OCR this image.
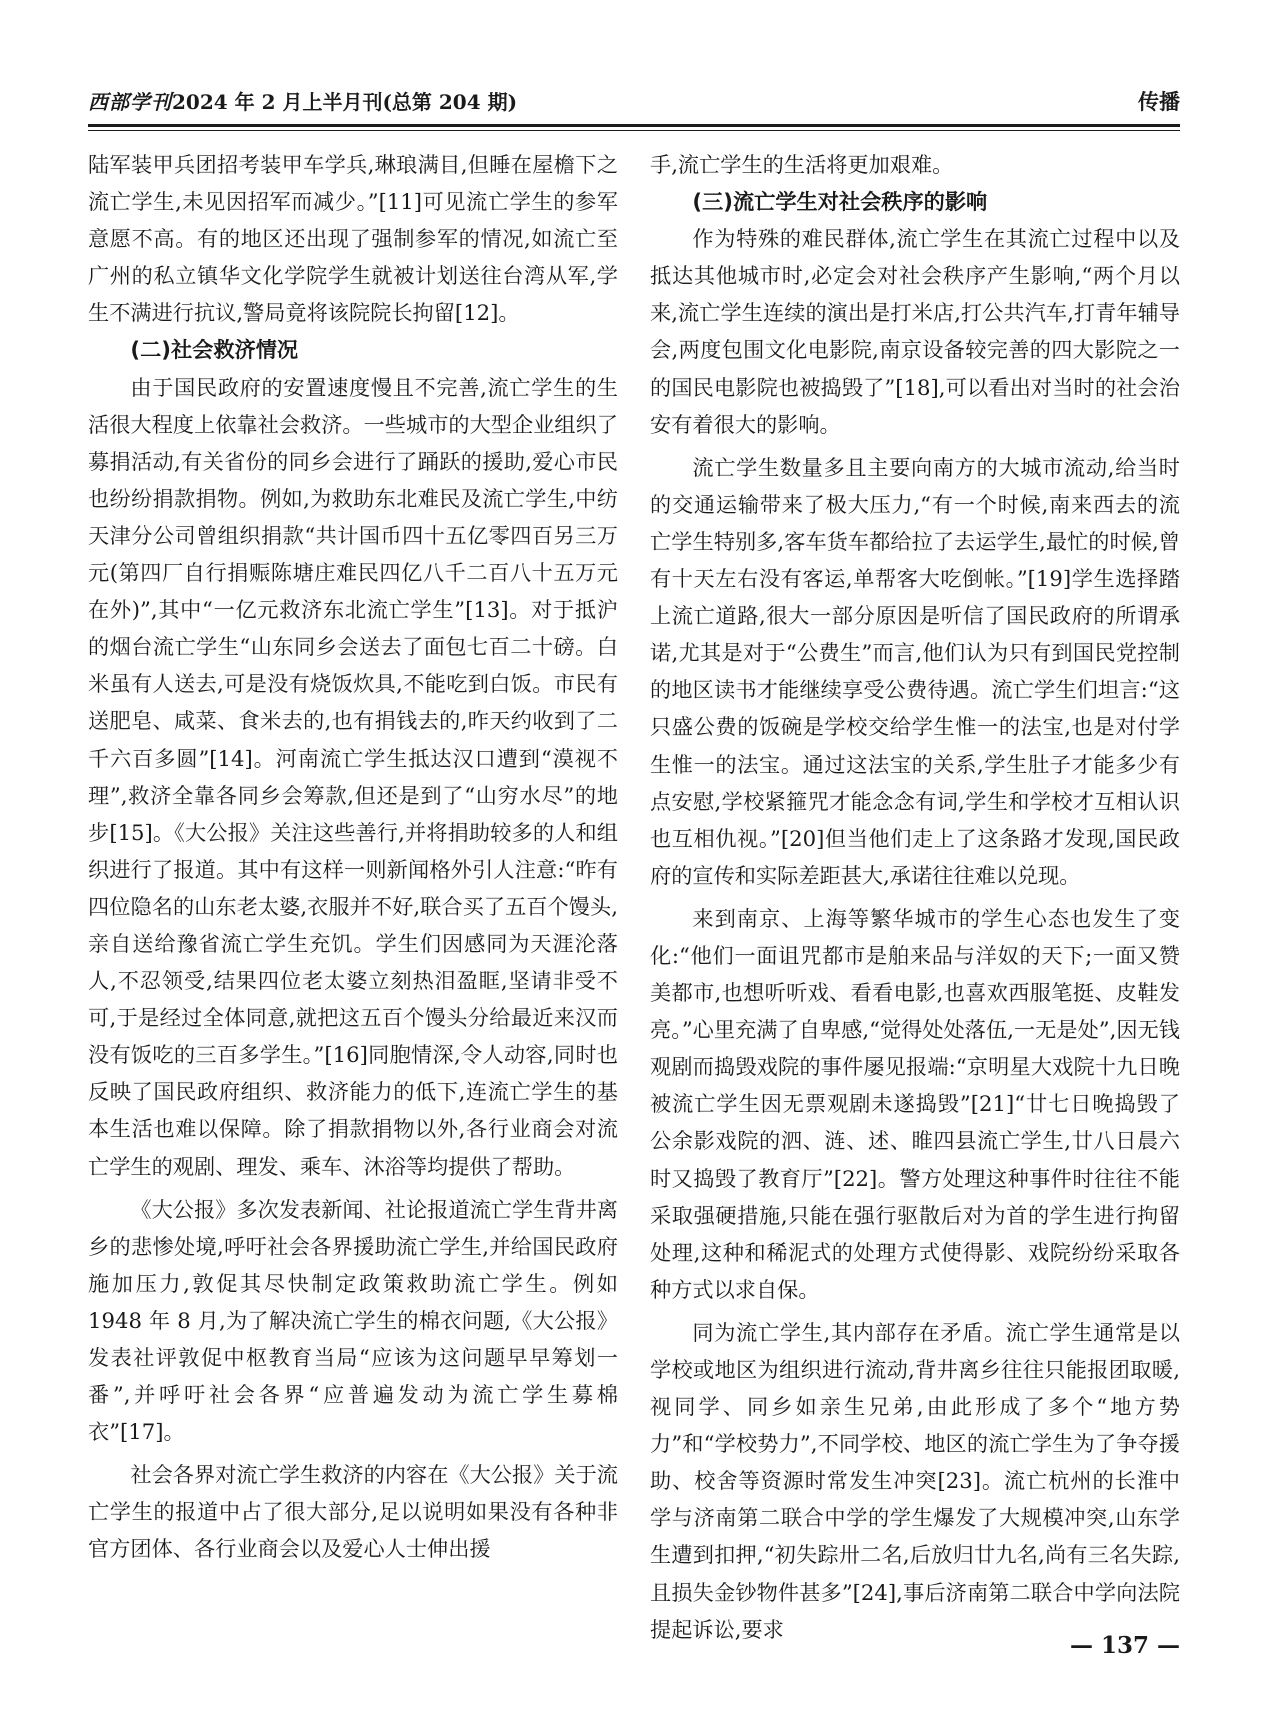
西部学刊2024 年 2 月上半月刊(总第 204 期)	传播

陆军装甲兵团招考装甲车学兵,琳琅满目,但睡在屋檐下之流亡学生,未见因招军而减少。”[11]可见流亡学生的参军意愿不高。有的地区还出现了强制参军的情况,如流亡至广州的私立镇华文化学院学生就被计划送往台湾从军,学生不满进行抗议,警局竟将该院院长拘留[12]。

(二)社会救济情况

由于国民政府的安置速度慢且不完善,流亡学生的生活很大程度上依靠社会救济。一些城市的大型企业组织了募捐活动,有关省份的同乡会进行了踊跃的援助,爱心市民也纷纷捐款捐物。例如,为救助东北难民及流亡学生,中纺天津分公司曾组织捐款“共计国币四十五亿零四百另三万元(第四厂自行捐赈陈塘庄难民四亿八千二百八十五万元在外)”,其中“一亿元救济东北流亡学生”[13]。对于抵沪的烟台流亡学生“山东同乡会送去了面包七百二十磅。白米虽有人送去,可是没有烧饭炊具,不能吃到白饭。市民有送肥皂、咸菜、食米去的,也有捐钱去的,昨天约收到了二千六百多圆”[14]。河南流亡学生抵达汉口遭到“漠视不理”,救济全靠各同乡会筹款,但还是到了“山穷水尽”的地步[15]。《大公报》关注这些善行,并将捐助较多的人和组织进行了报道。其中有这样一则新闻格外引人注意:“昨有四位隐名的山东老太婆,衣服并不好,联合买了五百个馒头,亲自送给豫省流亡学生充饥。学生们因感同为天涯沦落人,不忍领受,结果四位老太婆立刻热泪盈眶,坚请非受不可,于是经过全体同意,就把这五百个馒头分给最近来汉而没有饭吃的三百多学生。”[16]同胞情深,令人动容,同时也反映了国民政府组织、救济能力的低下,连流亡学生的基本生活也难以保障。除了捐款捐物以外,各行业商会对流亡学生的观剧、理发、乘车、沐浴等均提供了帮助。

《大公报》多次发表新闻、社论报道流亡学生背井离乡的悲惨处境,呼吁社会各界援助流亡学生,并给国民政府施加压力,敦促其尽快制定政策救助流亡学生。例如 1948 年 8 月,为了解决流亡学生的棉衣问题,《大公报》发表社评敦促中枢教育当局“应该为这问题早早筹划一番”,并呼吁社会各界“应普遍发动为流亡学生募棉衣”[17]。

社会各界对流亡学生救济的内容在《大公报》关于流亡学生的报道中占了很大部分,足以说明如果没有各种非官方团体、各行业商会以及爱心人士伸出援

手,流亡学生的生活将更加艰难。

(三)流亡学生对社会秩序的影响

作为特殊的难民群体,流亡学生在其流亡过程中以及抵达其他城市时,必定会对社会秩序产生影响,“两个月以来,流亡学生连续的演出是打米店,打公共汽车,打青年辅导会,两度包围文化电影院,南京设备较完善的四大影院之一的国民电影院也被捣毁了”[18],可以看出对当时的社会治安有着很大的影响。

流亡学生数量多且主要向南方的大城市流动,给当时的交通运输带来了极大压力,“有一个时候,南来西去的流亡学生特别多,客车货车都给拉了去运学生,最忙的时候,曾有十天左右没有客运,单帮客大吃倒帐。”[19]学生选择踏上流亡道路,很大一部分原因是听信了国民政府的所谓承诺,尤其是对于“公费生”而言,他们认为只有到国民党控制的地区读书才能继续享受公费待遇。流亡学生们坦言:“这只盛公费的饭碗是学校交给学生惟一的法宝,也是对付学生惟一的法宝。通过这法宝的关系,学生肚子才能多少有点安慰,学校紧箍咒才能念念有词,学生和学校才互相认识也互相仇视。”[20]但当他们走上了这条路才发现,国民政府的宣传和实际差距甚大,承诺往往难以兑现。

来到南京、上海等繁华城市的学生心态也发生了变化:“他们一面诅咒都市是舶来品与洋奴的天下;一面又赞美都市,也想听听戏、看看电影,也喜欢西服笔挺、皮鞋发亮。”心里充满了自卑感,“觉得处处落伍,一无是处”,因无钱观剧而捣毁戏院的事件屡见报端:“京明星大戏院十九日晚被流亡学生因无票观剧未遂捣毁”[21]“廿七日晚捣毁了公余影戏院的泗、涟、述、睢四县流亡学生,廿八日晨六时又捣毁了教育厅”[22]。警方处理这种事件时往往不能采取强硬措施,只能在强行驱散后对为首的学生进行拘留处理,这种和稀泥式的处理方式使得影、戏院纷纷采取各种方式以求自保。

同为流亡学生,其内部存在矛盾。流亡学生通常是以学校或地区为组织进行流动,背井离乡往往只能报团取暖,视同学、同乡如亲生兄弟,由此形成了多个“地方势力”和“学校势力”,不同学校、地区的流亡学生为了争夺援助、校舍等资源时常发生冲突[23]。流亡杭州的长淮中学与济南第二联合中学的学生爆发了大规模冲突,山东学生遭到扣押,“初失踪卅二名,后放归廿九名,尚有三名失踪,且损失金钞物件甚多”[24],事后济南第二联合中学向法院提起诉讼,要求

— 137 —
